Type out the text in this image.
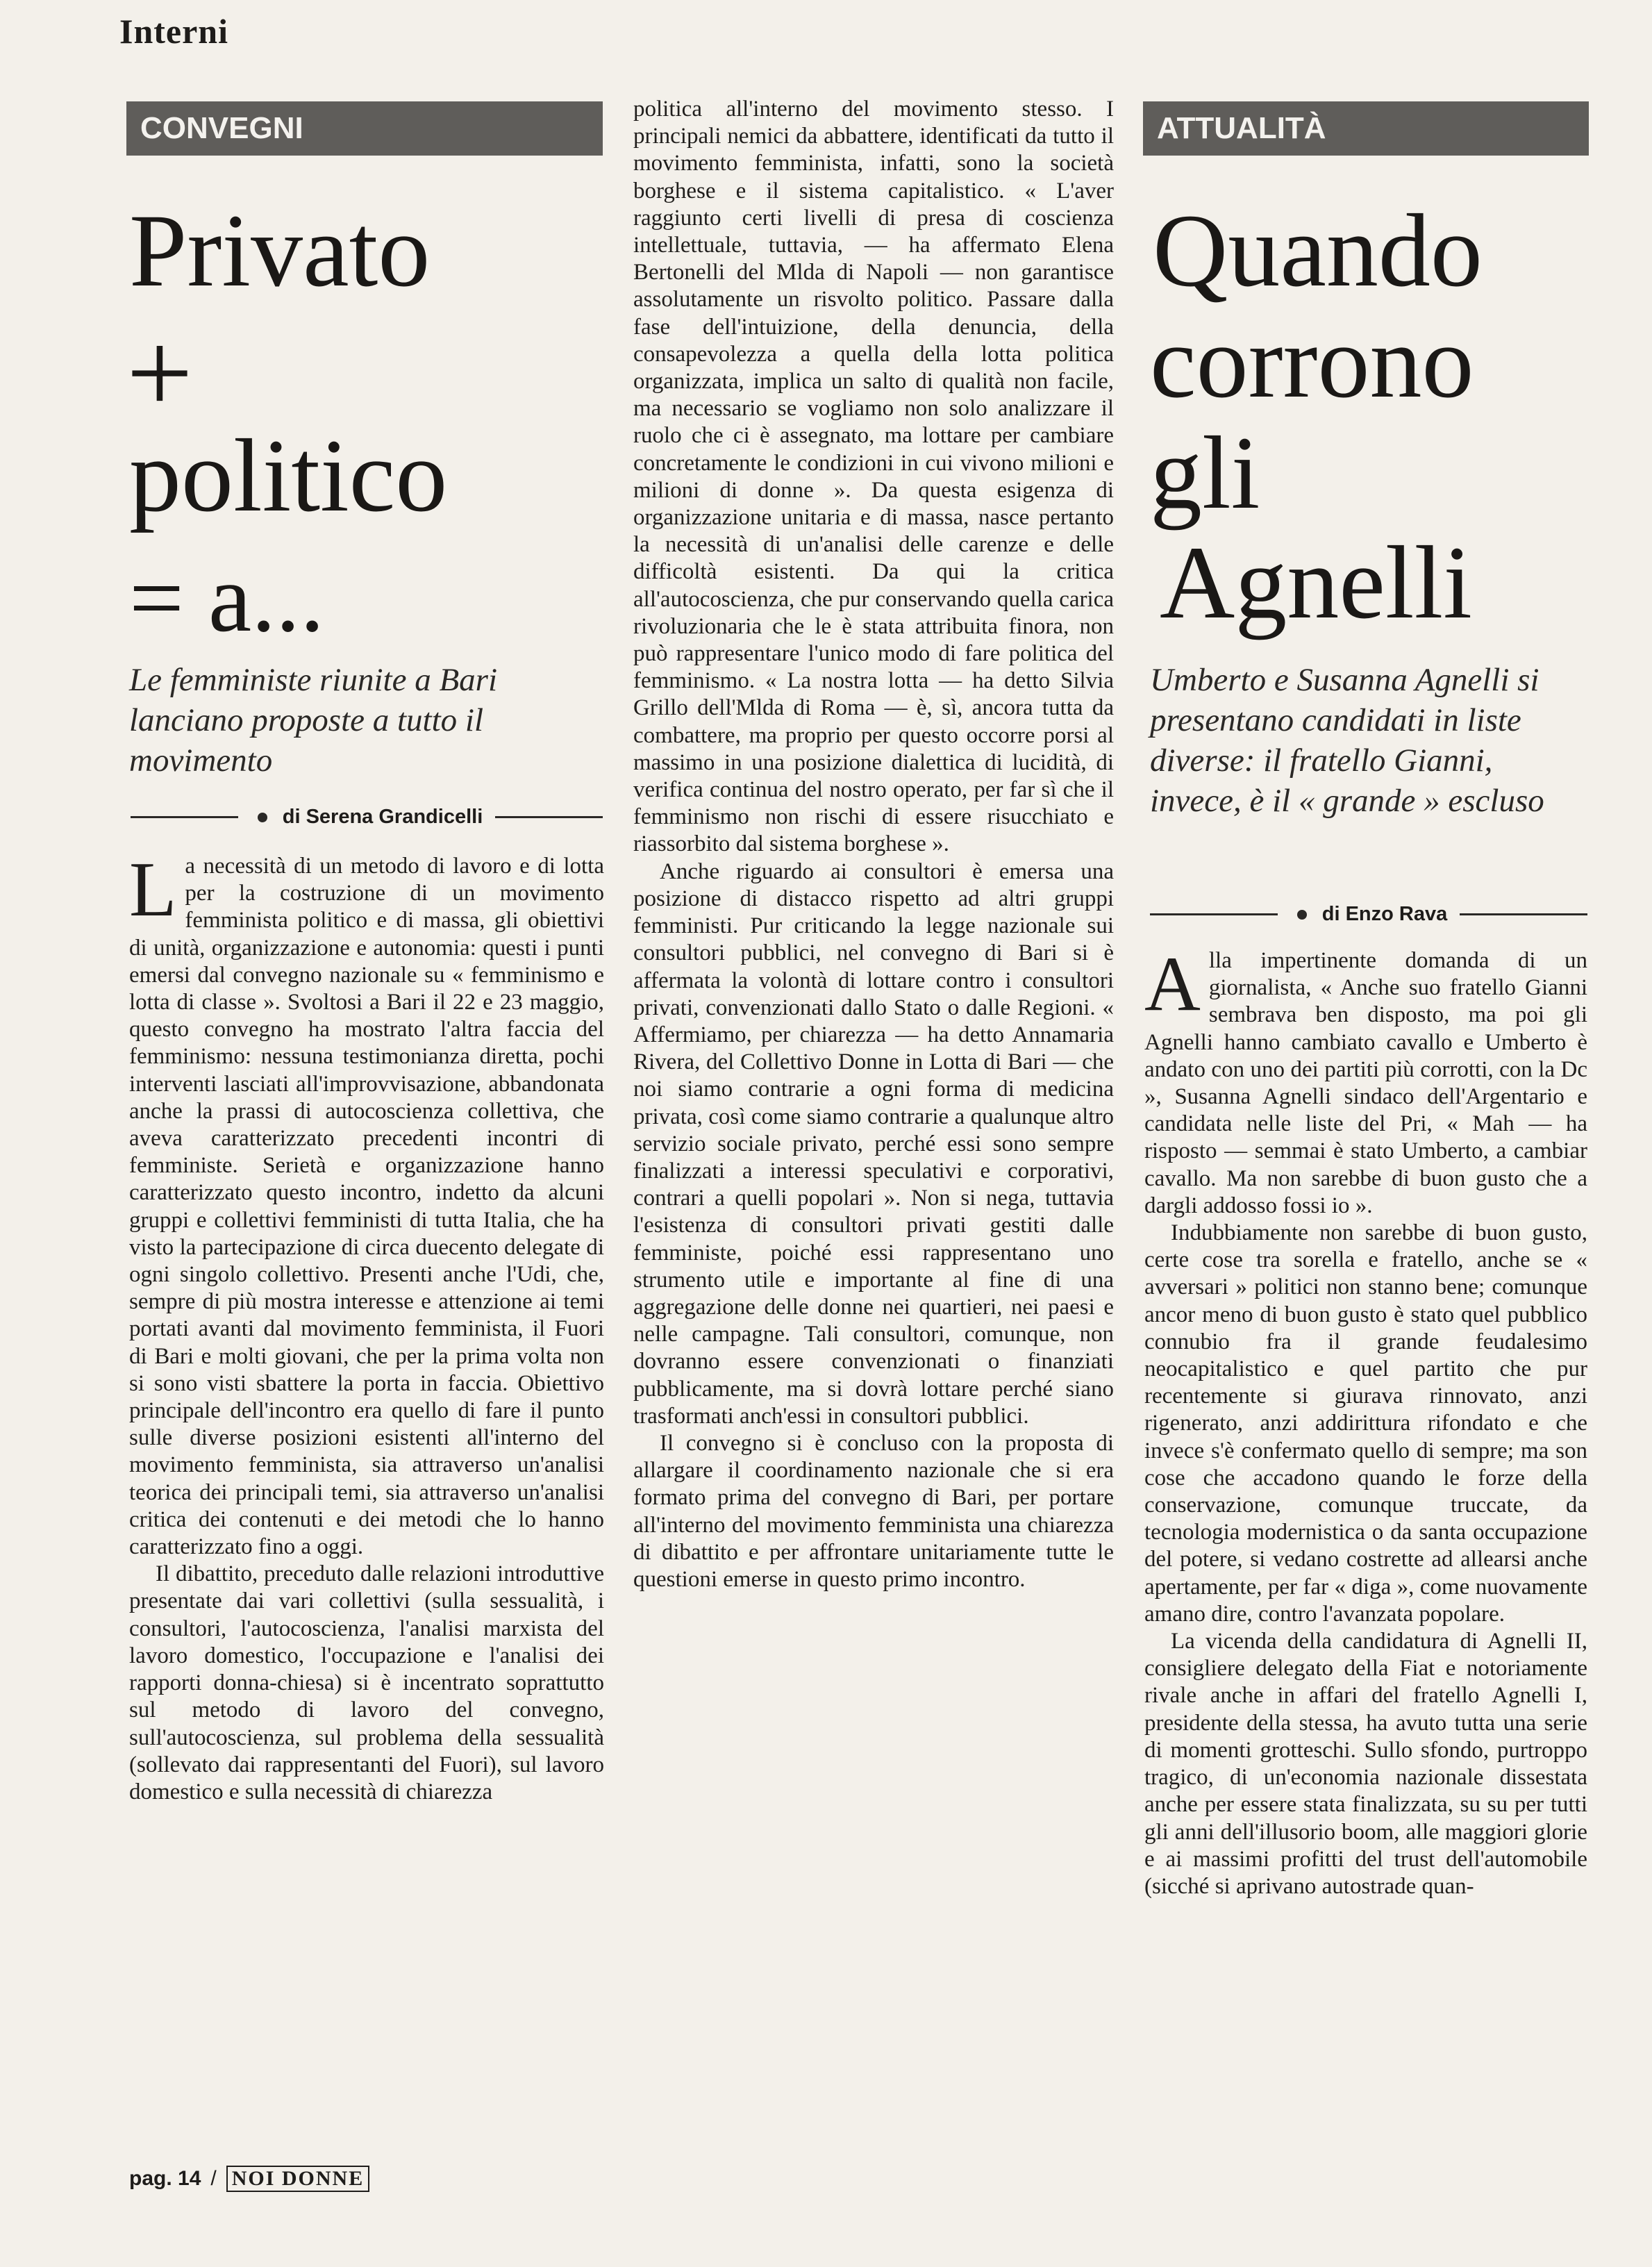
Interni
CONVEGNI
Privato
+
politico
= a...
Le femministe riunite a Bari lanciano proposte a tutto il movimento
di Serena Grandicelli

La necessità di un metodo di lavoro e di lotta per la costruzione di un movimento femminista politico e di massa, gli obiettivi di unità, organizzazione e autonomia: questi i punti emersi dal convegno nazionale su « femminismo e lotta di classe ». Svoltosi a Bari il 22 e 23 maggio, questo convegno ha mostrato l'altra faccia del femminismo: nessuna testimonianza diretta, pochi interventi lasciati all'improvvisazione, abbandonata anche la prassi di autocoscienza collettiva, che aveva caratterizzato precedenti incontri di femministe. Serietà e organizzazione hanno caratterizzato questo incontro, indetto da alcuni gruppi e collettivi femministi di tutta Italia, che ha visto la partecipazione di circa duecento delegate di ogni singolo collettivo. Presenti anche l'Udi, che, sempre di più mostra interesse e attenzione ai temi portati avanti dal movimento femminista, il Fuori di Bari e molti giovani, che per la prima volta non si sono visti sbattere la porta in faccia. Obiettivo principale dell'incontro era quello di fare il punto sulle diverse posizioni esistenti all'interno del movimento femminista, sia attraverso un'analisi teorica dei principali temi, sia attraverso un'analisi critica dei contenuti e dei metodi che lo hanno caratterizzato fino a oggi.

Il dibattito, preceduto dalle relazioni introduttive presentate dai vari collettivi (sulla sessualità, i consultori, l'autocoscienza, l'analisi marxista del lavoro domestico, l'occupazione e l'analisi dei rapporti donna-chiesa) si è incentrato soprattutto sul metodo di lavoro del convegno, sull'autocoscienza, sul problema della sessualità (sollevato dai rappresentanti del Fuori), sul lavoro domestico e sulla necessità di chiarezza

politica all'interno del movimento stesso. I principali nemici da abbattere, identificati da tutto il movimento femminista, infatti, sono la società borghese e il sistema capitalistico. « L'aver raggiunto certi livelli di presa di coscienza intellettuale, tuttavia, — ha affermato Elena Bertonelli del Mlda di Napoli — non garantisce assolutamente un risvolto politico. Passare dalla fase dell'intuizione, della denuncia, della consapevolezza a quella della lotta politica organizzata, implica un salto di qualità non facile, ma necessario se vogliamo non solo analizzare il ruolo che ci è assegnato, ma lottare per cambiare concretamente le condizioni in cui vivono milioni e milioni di donne ». Da questa esigenza di organizzazione unitaria e di massa, nasce pertanto la necessità di un'analisi delle carenze e delle difficoltà esistenti. Da qui la critica all'autocoscienza, che pur conservando quella carica rivoluzionaria che le è stata attribuita finora, non può rappresentare l'unico modo di fare politica del femminismo. « La nostra lotta — ha detto Silvia Grillo dell'Mlda di Roma — è, sì, ancora tutta da combattere, ma proprio per questo occorre porsi al massimo in una posizione dialettica di lucidità, di verifica continua del nostro operato, per far sì che il femminismo non rischi di essere risucchiato e riassorbito dal sistema borghese ».

Anche riguardo ai consultori è emersa una posizione di distacco rispetto ad altri gruppi femministi. Pur criticando la legge nazionale sui consultori pubblici, nel convegno di Bari si è affermata la volontà di lottare contro i consultori privati, convenzionati dallo Stato o dalle Regioni. « Affermiamo, per chiarezza — ha detto Annamaria Rivera, del Collettivo Donne in Lotta di Bari — che noi siamo contrarie a ogni forma di medicina privata, così come siamo contrarie a qualunque altro servizio sociale privato, perché essi sono sempre finalizzati a interessi speculativi e corporativi, contrari a quelli popolari ». Non si nega, tuttavia l'esistenza di consultori privati gestiti dalle femministe, poiché essi rappresentano uno strumento utile e importante al fine di una aggregazione delle donne nei quartieri, nei paesi e nelle campagne. Tali consultori, comunque, non dovranno essere convenzionati o finanziati pubblicamente, ma si dovrà lottare perché siano trasformati anch'essi in consultori pubblici.

Il convegno si è concluso con la proposta di allargare il coordinamento nazionale che si era formato prima del convegno di Bari, per portare all'interno del movimento femminista una chiarezza di dibattito e per affrontare unitariamente tutte le questioni emerse in questo primo incontro.

ATTUALITÀ
Quando
corrono
gli
Agnelli
Umberto e Susanna Agnelli si presentano candidati in liste diverse: il fratello Gianni, invece, è il « grande » escluso
di Enzo Rava

Alla impertinente domanda di un giornalista, « Anche suo fratello Gianni sembrava ben disposto, ma poi gli Agnelli hanno cambiato cavallo e Umberto è andato con uno dei partiti più corrotti, con la Dc », Susanna Agnelli sindaco dell'Argentario e candidata nelle liste del Pri, « Mah — ha risposto — semmai è stato Umberto, a cambiar cavallo. Ma non sarebbe di buon gusto che a dargli addosso fossi io ».

Indubbiamente non sarebbe di buon gusto, certe cose tra sorella e fratello, anche se « avversari » politici non stanno bene; comunque ancor meno di buon gusto è stato quel pubblico connubio fra il grande feudalesimo neocapitalistico e quel partito che pur recentemente si giurava rinnovato, anzi rigenerato, anzi addirittura rifondato e che invece s'è confermato quello di sempre; ma son cose che accadono quando le forze della conservazione, comunque truccate, da tecnologia modernistica o da santa occupazione del potere, si vedano costrette ad allearsi anche apertamente, per far « diga », come nuovamente amano dire, contro l'avanzata popolare.

La vicenda della candidatura di Agnelli II, consigliere delegato della Fiat e notoriamente rivale anche in affari del fratello Agnelli I, presidente della stessa, ha avuto tutta una serie di momenti grotteschi. Sullo sfondo, purtroppo tragico, di un'economia nazionale dissestata anche per essere stata finalizzata, su su per tutti gli anni dell'illusorio boom, alle maggiori glorie e ai massimi profitti del trust dell'automobile (sicché si aprivano autostrade quan-

pag. 14 / NOI DONNE
